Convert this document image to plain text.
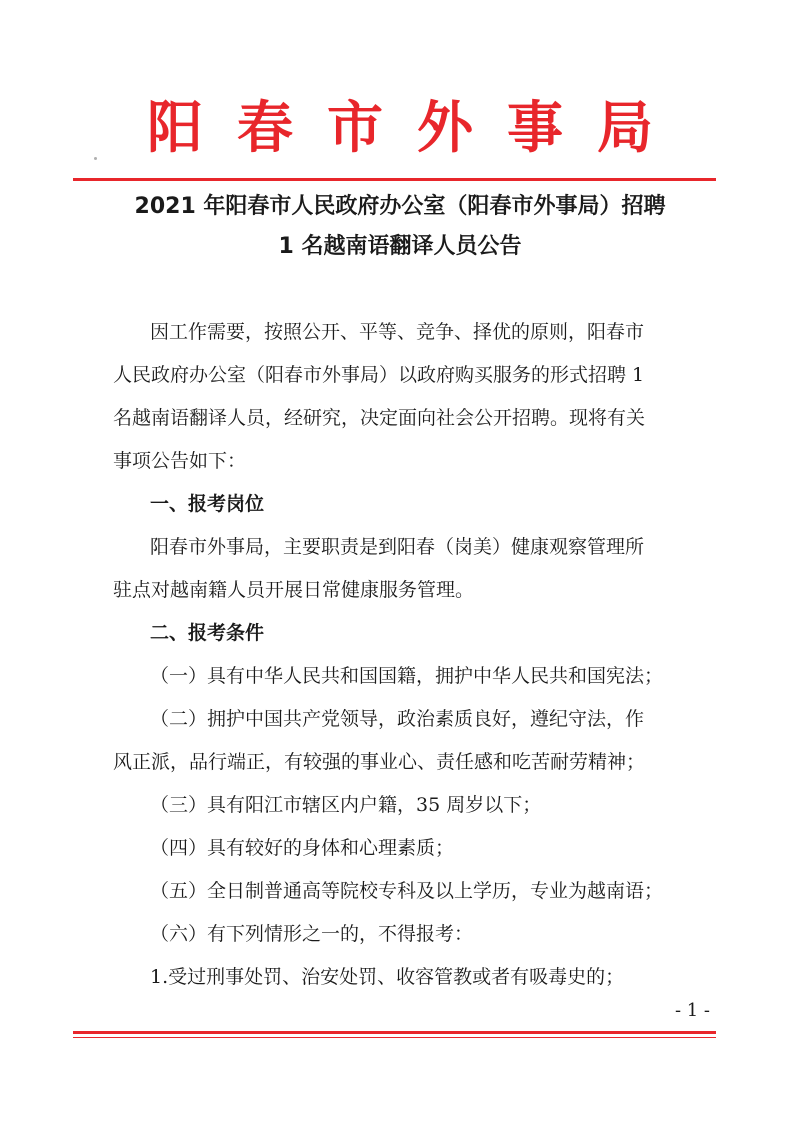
阳春市外事局
2021 年阳春市人民政府办公室（阳春市外事局）招聘
1 名越南语翻译人员公告
因工作需要，按照公开、平等、竞争、择优的原则，阳春市
人民政府办公室（阳春市外事局）以政府购买服务的形式招聘 1
名越南语翻译人员，经研究，决定面向社会公开招聘。现将有关
事项公告如下：
一、报考岗位
阳春市外事局，主要职责是到阳春（岗美）健康观察管理所
驻点对越南籍人员开展日常健康服务管理。
二、报考条件
（一）具有中华人民共和国国籍，拥护中华人民共和国宪法；
（二）拥护中国共产党领导，政治素质良好，遵纪守法，作
风正派，品行端正，有较强的事业心、责任感和吃苦耐劳精神；
（三）具有阳江市辖区内户籍，35 周岁以下；
（四）具有较好的身体和心理素质；
（五）全日制普通高等院校专科及以上学历，专业为越南语；
（六）有下列情形之一的，不得报考：
1.受过刑事处罚、治安处罚、收容管教或者有吸毒史的；
- 1 -
